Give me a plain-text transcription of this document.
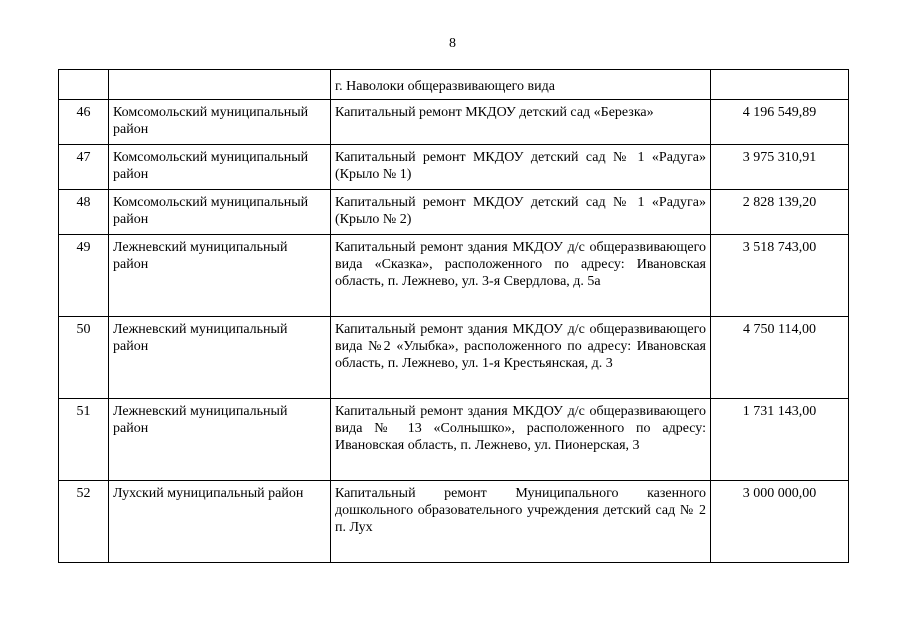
8
		г. Наволоки общеразвивающего вида	
46	Комсомольский муниципальный район	Капитальный ремонт МКДОУ детский сад «Березка»	4 196 549,89
47	Комсомольский муниципальный район	Капитальный ремонт МКДОУ детский сад № 1 «Радуга» (Крыло № 1)	3 975 310,91
48	Комсомольский муниципальный район	Капитальный ремонт МКДОУ детский сад № 1 «Радуга» (Крыло № 2)	2 828 139,20
49	Лежневский муниципальный район	Капитальный ремонт здания МКДОУ д/с общеразвивающего вида «Сказка», расположенного по адресу: Ивановская область, п. Лежнево, ул. 3-я Свердлова, д. 5а	3 518 743,00
50	Лежневский муниципальный район	Капитальный ремонт здания МКДОУ д/с общеразвивающего вида №2 «Улыбка», расположенного по адресу: Ивановская область, п. Лежнево, ул. 1-я Крестьянская, д. 3	4 750 114,00
51	Лежневский муниципальный район	Капитальный ремонт здания МКДОУ д/с общеразвивающего вида № 13 «Солнышко», расположенного по адресу: Ивановская область, п. Лежнево, ул. Пионерская, 3	1 731 143,00
52	Лухский муниципальный район	Капитальный ремонт Муниципального казенного дошкольного образовательного учреждения детский сад № 2 п. Лух	3 000 000,00
